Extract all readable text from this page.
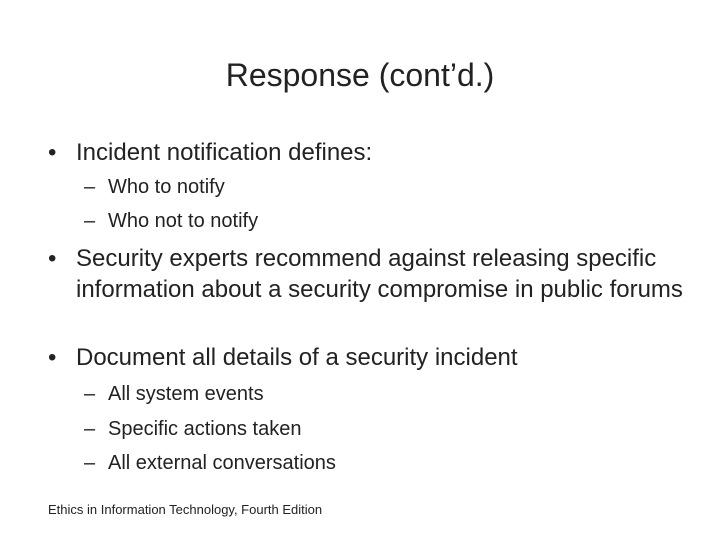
Response (cont’d.)
• Incident notification defines:
– Who to notify
– Who not to notify
• Security experts recommend against releasing specific information about a security compromise in public forums
• Document all details of a security incident
– All system events
– Specific actions taken
– All external conversations
Ethics in Information Technology, Fourth Edition
